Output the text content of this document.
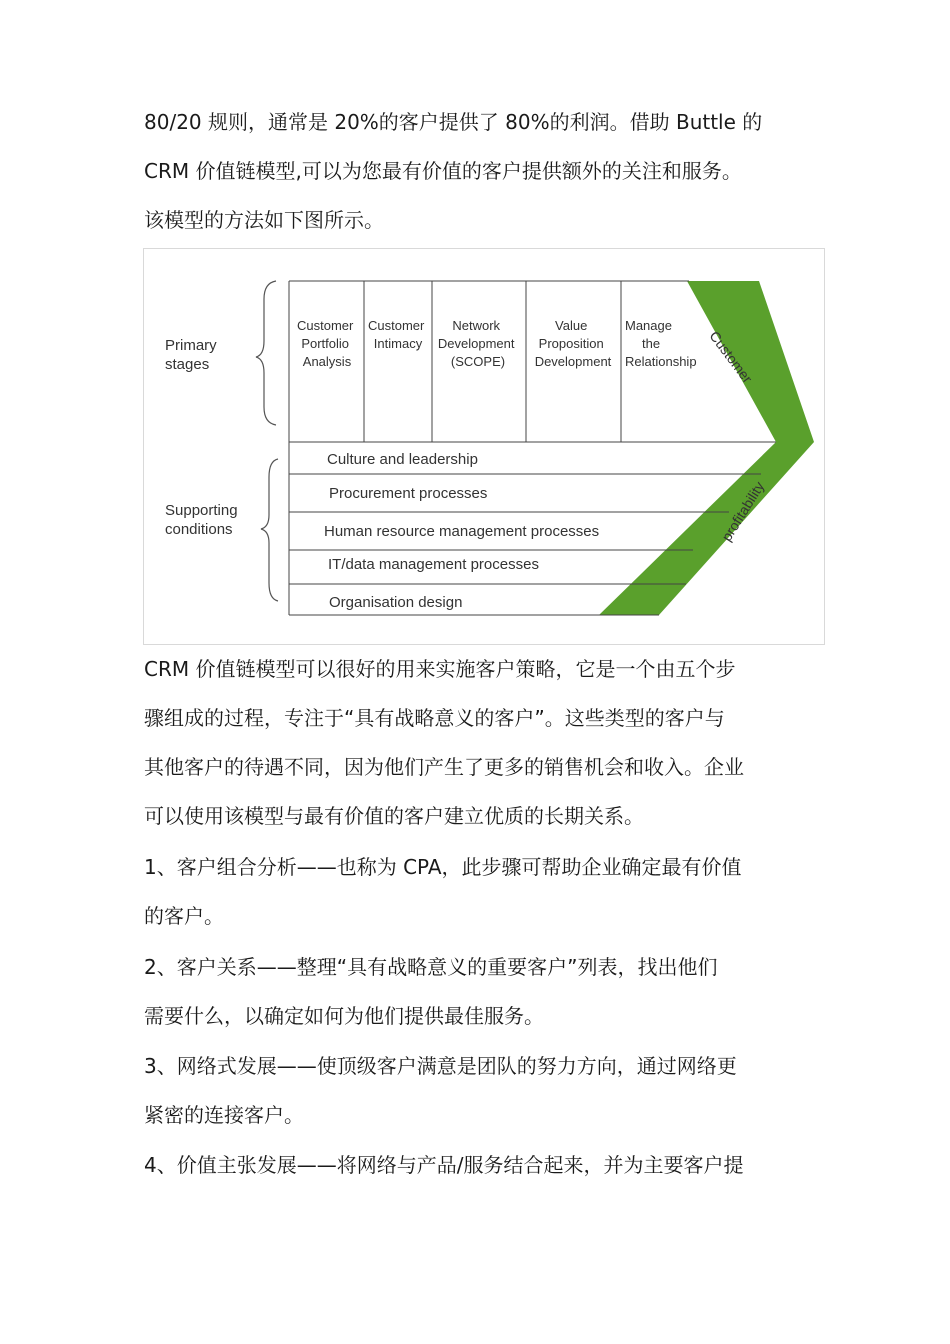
80/20 规则，通常是 20%的客户提供了 80%的利润。借助 Buttle 的
CRM 价值链模型,可以为您最有价值的客户提供额外的关注和服务。
该模型的方法如下图所示。

Primary stages
Supporting conditions
Customer Portfolio Analysis
Customer Intimacy
Network Development (SCOPE)
Value Proposition Development
Manage the Relationship
Culture and leadership
Procurement processes
Human resource management processes
IT/data management processes
Organisation design
Customer
profitability

CRM 价值链模型可以很好的用来实施客户策略，它是一个由五个步
骤组成的过程，专注于“具有战略意义的客户”。这些类型的客户与
其他客户的待遇不同，因为他们产生了更多的销售机会和收入。企业
可以使用该模型与最有价值的客户建立优质的长期关系。

1、客户组合分析——也称为 CPA，此步骤可帮助企业确定最有价值
的客户。
2、客户关系——整理“具有战略意义的重要客户”列表，找出他们
需要什么，以确定如何为他们提供最佳服务。
3、网络式发展——使顶级客户满意是团队的努力方向，通过网络更
紧密的连接客户。
4、价值主张发展——将网络与产品/服务结合起来，并为主要客户提
